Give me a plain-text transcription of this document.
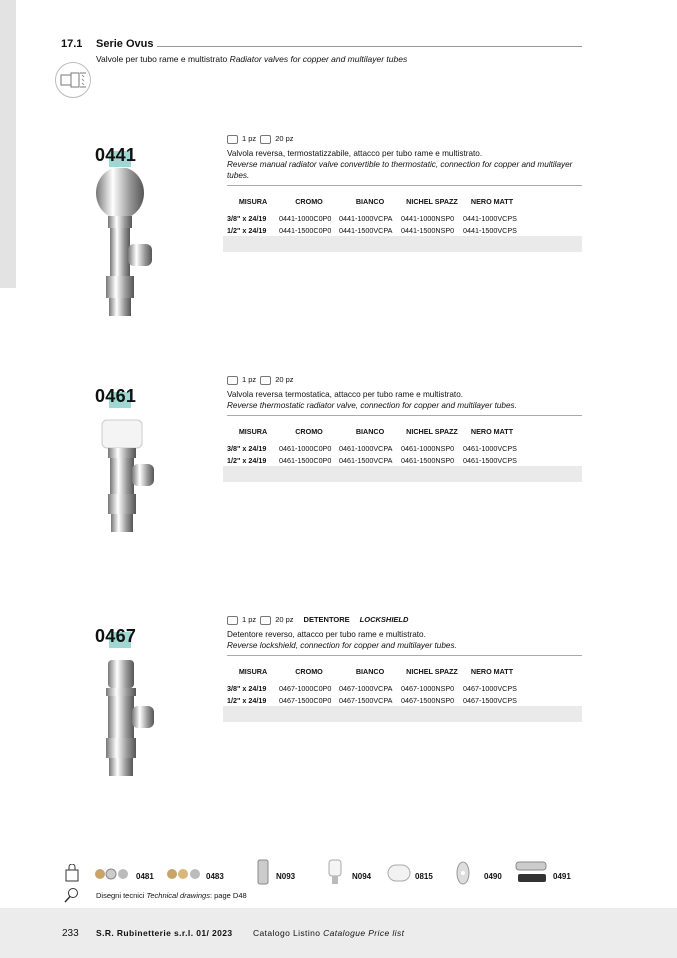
17.1 Serie Ovus
Valvole per tubo rame e multistrato Radiator valves for copper and multilayer tubes
0441
1 pz	20 pz
Valvola reversa, termostatizzabile, attacco per tubo rame e multistrato.
Reverse manual radiator valve convertible to thermostatic, connection for copper and multilayer tubes.
MISURA	CROMO	BIANCO	NICHEL SPAZZ	NERO MATT
3/8" x 24/19	0441-1000C0P0	0441-1000VCPA	0441-1000NSP0	0441-1000VCPS
1/2" x 24/19	0441-1500C0P0	0441-1500VCPA	0441-1500NSP0	0441-1500VCPS
0461
1 pz	20 pz
Valvola reversa termostatica, attacco per tubo rame e multistrato.
Reverse thermostatic radiator valve, connection for copper and multilayer tubes.
MISURA	CROMO	BIANCO	NICHEL SPAZZ	NERO MATT
3/8" x 24/19	0461-1000C0P0	0461-1000VCPA	0461-1000NSP0	0461-1000VCPS
1/2" x 24/19	0461-1500C0P0	0461-1500VCPA	0461-1500NSP0	0461-1500VCPS
0467
1 pz	20 pz DETENTORE LOCKSHIELD
Detentore reverso, attacco per tubo rame e multistrato.
Reverse lockshield, connection for copper and multilayer tubes.
MISURA	CROMO	BIANCO	NICHEL SPAZZ	NERO MATT
3/8" x 24/19	0467-1000C0P0	0467-1000VCPA	0467-1000NSP0	0467-1000VCPS
1/2" x 24/19	0467-1500C0P0	0467-1500VCPA	0467-1500NSP0	0467-1500VCPS
0481	0483	N093	N094	0815	0490	0491
Disegni tecnici Technical drawings: page D48
233 S.R. Rubinetterie s.r.l. 01/ 2023 Catalogo Listino Catalogue Price list
